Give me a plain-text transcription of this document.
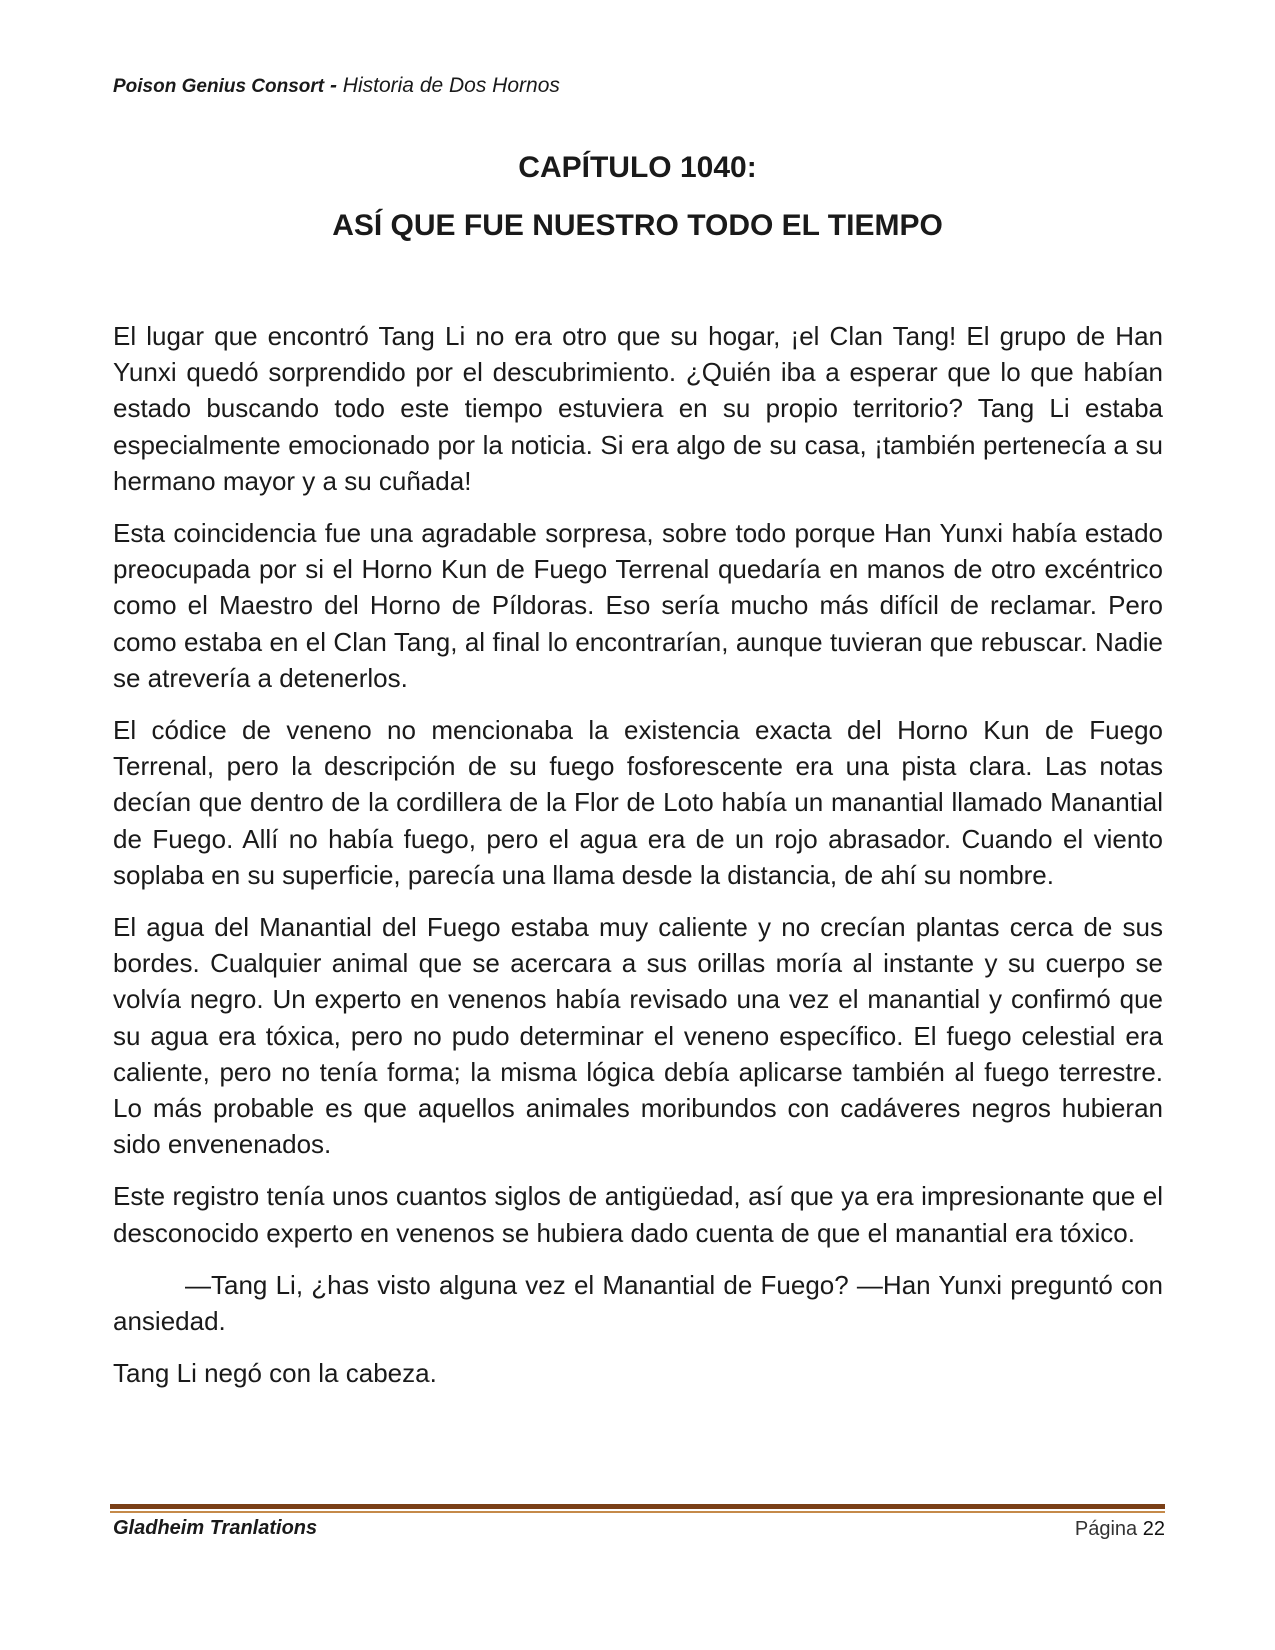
Poison Genius Consort - Historia de Dos Hornos
CAPÍTULO 1040:
ASÍ QUE FUE NUESTRO TODO EL TIEMPO

El lugar que encontró Tang Li no era otro que su hogar, ¡el Clan Tang! El grupo de Han Yunxi quedó sorprendido por el descubrimiento. ¿Quién iba a esperar que lo que habían estado buscando todo este tiempo estuviera en su propio territorio? Tang Li estaba especialmente emocionado por la noticia. Si era algo de su casa, ¡también pertenecía a su hermano mayor y a su cuñada!

Esta coincidencia fue una agradable sorpresa, sobre todo porque Han Yunxi había estado preocupada por si el Horno Kun de Fuego Terrenal quedaría en manos de otro excéntrico como el Maestro del Horno de Píldoras. Eso sería mucho más difícil de reclamar. Pero como estaba en el Clan Tang, al final lo encontrarían, aunque tuvieran que rebuscar. Nadie se atrevería a detenerlos.

El códice de veneno no mencionaba la existencia exacta del Horno Kun de Fuego Terrenal, pero la descripción de su fuego fosforescente era una pista clara. Las notas decían que dentro de la cordillera de la Flor de Loto había un manantial llamado Manantial de Fuego. Allí no había fuego, pero el agua era de un rojo abrasador. Cuando el viento soplaba en su superficie, parecía una llama desde la distancia, de ahí su nombre.

El agua del Manantial del Fuego estaba muy caliente y no crecían plantas cerca de sus bordes. Cualquier animal que se acercara a sus orillas moría al instante y su cuerpo se volvía negro. Un experto en venenos había revisado una vez el manantial y confirmó que su agua era tóxica, pero no pudo determinar el veneno específico. El fuego celestial era caliente, pero no tenía forma; la misma lógica debía aplicarse también al fuego terrestre. Lo más probable es que aquellos animales moribundos con cadáveres negros hubieran sido envenenados.

Este registro tenía unos cuantos siglos de antigüedad, así que ya era impresionante que el desconocido experto en venenos se hubiera dado cuenta de que el manantial era tóxico.

—Tang Li, ¿has visto alguna vez el Manantial de Fuego? —Han Yunxi preguntó con ansiedad.

Tang Li negó con la cabeza.

Gladheim Tranlations	Página 22
